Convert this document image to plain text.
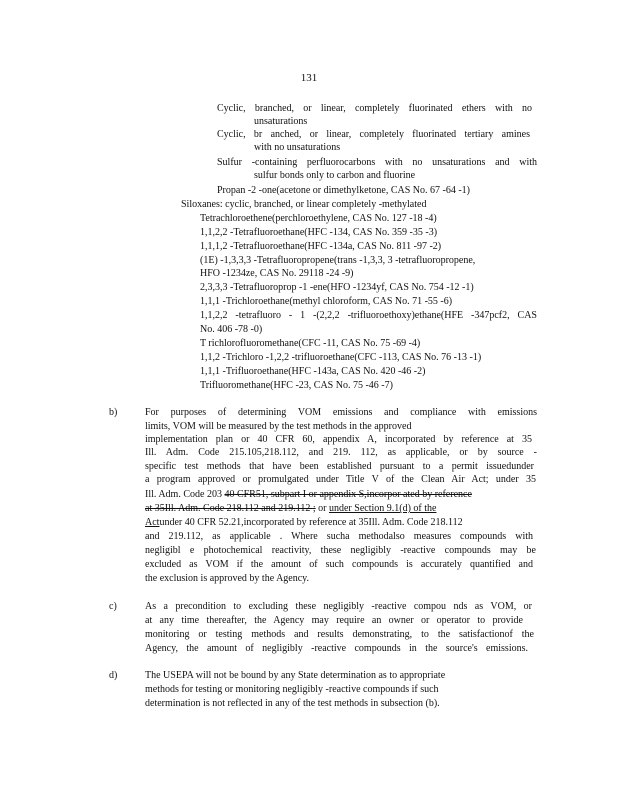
131
Cyclic, branched, or linear, completely fluorinated ethers with no
unsaturations
Cyclic, br anched, or linear, completely fluorinated tertiary amines
with no unsaturations
Sulfur -containing perfluorocarbons with no unsaturations and with
sulfur bonds only to carbon and fluorine
Propan -2 -one(acetone or dimethylketone, CAS No. 67 -64 -1)
Siloxanes: cyclic, branched, or linear completely -methylated
Tetrachloroethene(perchloroethylene, CAS No. 127 -18 -4)
1,1,2,2 -Tetrafluoroethane(HFC -134, CAS No. 359 -35 -3)
1,1,1,2 -Tetrafluoroethane(HFC -134a, CAS No. 811 -97 -2)
(1E) -1,3,3,3 -Tetrafluoropropene(trans -1,3,3, 3 -tetrafluoropropene,
HFO -1234ze, CAS No. 29118 -24 -9)
2,3,3,3 -Tetrafluoroprop -1 -ene(HFO -1234yf, CAS No. 754 -12 -1)
1,1,1 -Trichloroethane(methyl chloroform, CAS No. 71 -55 -6)
1,1,2,2 -tetrafluoro - 1 -(2,2,2 -trifluoroethoxy)ethane(HFE -347pcf2, CAS
No. 406 -78 -0)
T richlorofluoromethane(CFC -11, CAS No. 75 -69 -4)
1,1,2 -Trichloro -1,2,2 -trifluoroethane(CFC -113, CAS No. 76 -13 -1)
1,1,1 -Trifluoroethane(HFC -143a, CAS No. 420 -46 -2)
Trifluoromethane(HFC -23, CAS No. 75 -46 -7)
b)	For purposes of determining VOM emissions and compliance with emissions
limits, VOM will be measured by the test methods in the approved
implementation plan or 40 CFR 60, appendix A, incorporated by reference at 35
Ill. Adm. Code 215.105,218.112, and 219. 112, as applicable, or by source -
specific test methods that have been established pursuant to a permit issuedunder
a program approved or promulgated under Title V of the Clean Air Act; under 35
Ill. Adm. Code 203 40 CFR51, subpart I or appendix S,incorpor ated by reference
at 35Ill. Adm. Code 218.112 and 219.112 ; or under Section 9.1(d) of the
Actunder 40 CFR 52.21,incorporated by reference at 35Ill. Adm. Code 218.112
and 219.112, as applicable . Where sucha methodalso measures compounds with
negligibl e photochemical reactivity, these negligibly -reactive compounds may be
excluded as VOM if the amount of such compounds is accurately quantified and
the exclusion is approved by the Agency.
c)	As a precondition to excluding these negligibly -reactive compou nds as VOM, or
at any time thereafter, the Agency may require an owner or operator to provide
monitoring or testing methods and results demonstrating, to the satisfactionof the
Agency, the amount of negligibly -reactive compounds in the source's emissions.
d)	The USEPA will not be bound by any State determination as to appropriate
methods for testing or monitoring negligibly -reactive compounds if such
determination is not reflected in any of the test methods in subsection (b).
